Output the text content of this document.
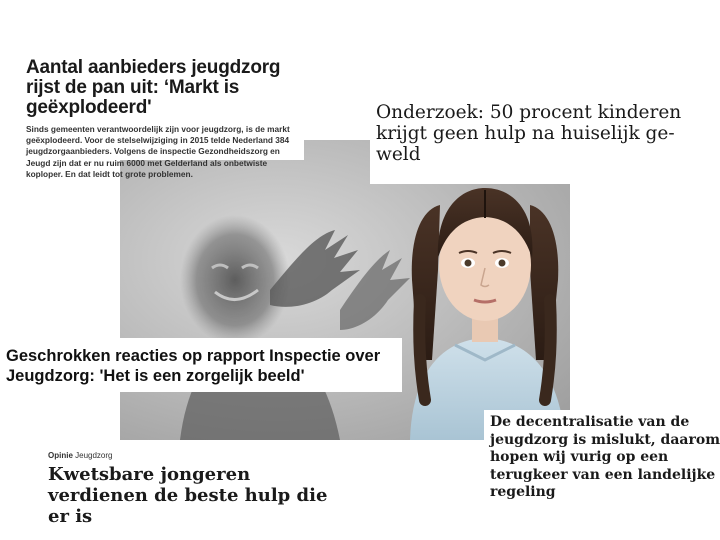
Aantal aanbieders jeugdzorg rijst de pan uit: ‘Markt is geëxplodeerd'
Sinds gemeenten verantwoordelijk zijn voor jeugdzorg, is de markt geëxplodeerd. Voor de stelselwijziging in 2015 telde Nederland 384 jeugdzorgaanbieders. Volgens de inspectie Gezondheidszorg en Jeugd zijn dat er nu ruim 6000 met Gelderland als onbetwiste koploper. En dat leidt tot grote problemen.
Onderzoek: 50 procent kinderen
krijgt geen hulp na huiselijk ge-
weld
Geschrokken reacties op rapport Inspectie over
Jeugdzorg: 'Het is een zorgelijk beeld'
De decentralisatie van de
jeugdzorg is mislukt, daarom
hopen wij vurig op een
terugkeer van een landelijke
regeling
Opinie Jeugdzorg
Kwetsbare jongeren
verdienen de beste hulp die
er is
